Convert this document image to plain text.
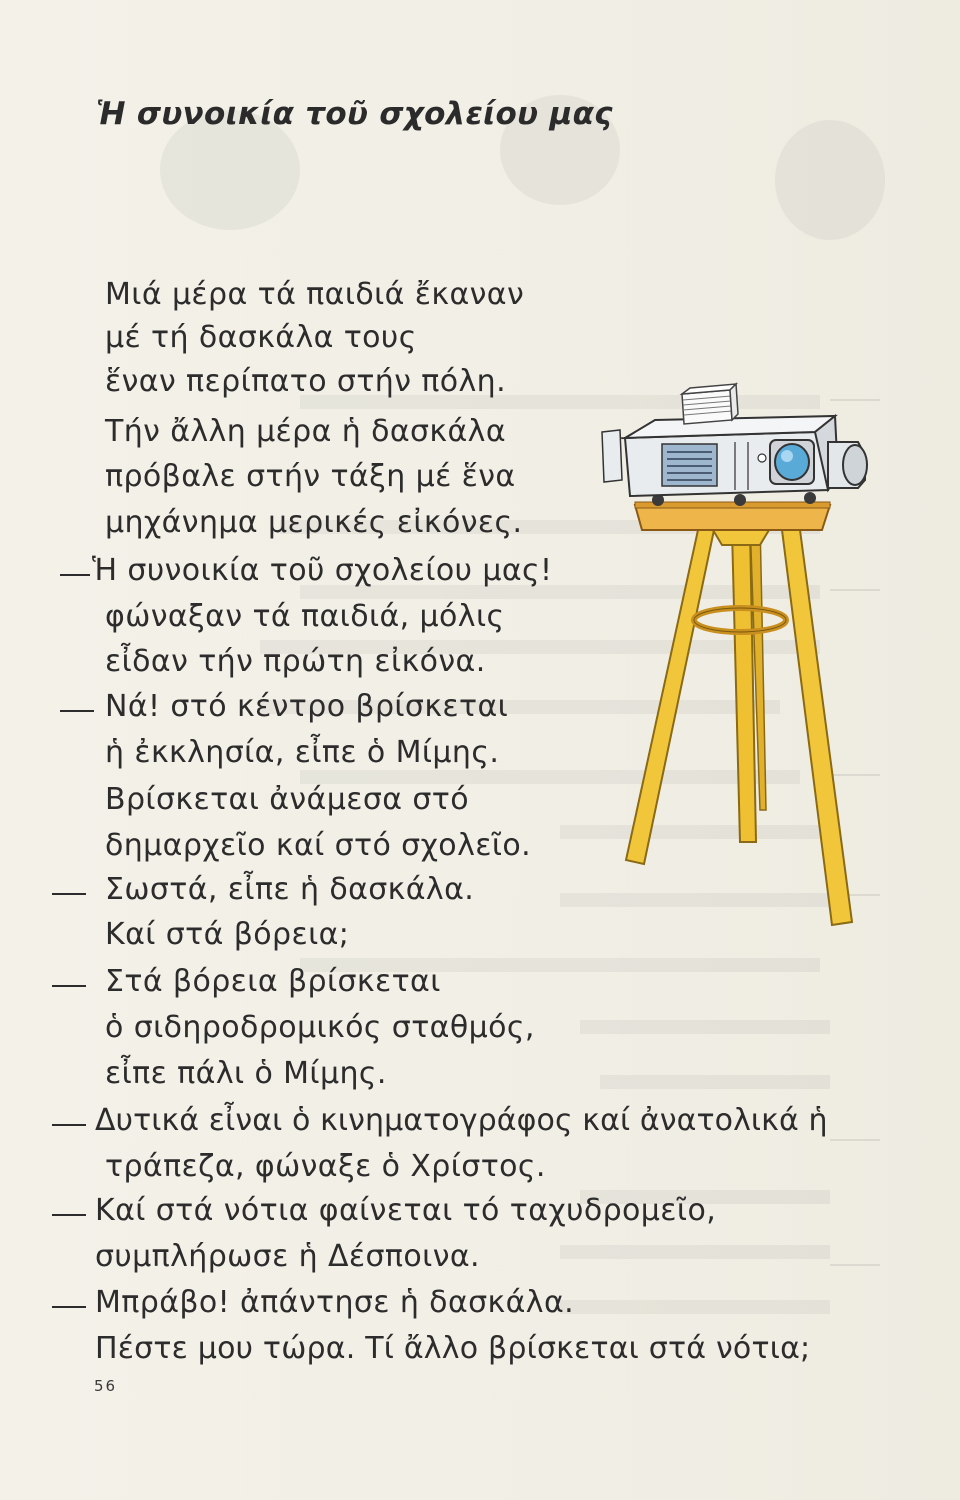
Ἡ συνοικία τοῦ σχολείου μας
Μιά μέρα τά παιδιά ἔκαναν
μέ τή δασκάλα τους
ἕναν περίπατο στήν πόλη.
Τήν ἄλλη μέρα ἡ δασκάλα
πρόβαλε στήν τάξη μέ ἕνα
μηχάνημα μερικές εἰκόνες.
Ἡ συνοικία τοῦ σχολείου μας!
φώναξαν τά παιδιά, μόλις
εἶδαν τήν πρώτη εἰκόνα.
Νά! στό κέντρο βρίσκεται
ἡ ἐκκλησία, εἶπε ὁ Μίμης.
Βρίσκεται ἀνάμεσα στό
δημαρχεῖο καί στό σχολεῖο.
Σωστά, εἶπε ἡ δασκάλα.
Καί στά βόρεια;
Στά βόρεια βρίσκεται
ὁ σιδηροδρομικός σταθμός,
εἶπε πάλι ὁ Μίμης.
Δυτικά εἶναι ὁ κινηματογράφος καί ἀνατολικά ἡ
τράπεζα, φώναξε ὁ Χρίστος.
Καί στά νότια φαίνεται τό ταχυδρομεῖο,
συμπλήρωσε ἡ Δέσποινα.
Μπράβο! ἀπάντησε ἡ δασκάλα.
Πέστε μου τώρα. Τί ἄλλο βρίσκεται στά νότια;
56
